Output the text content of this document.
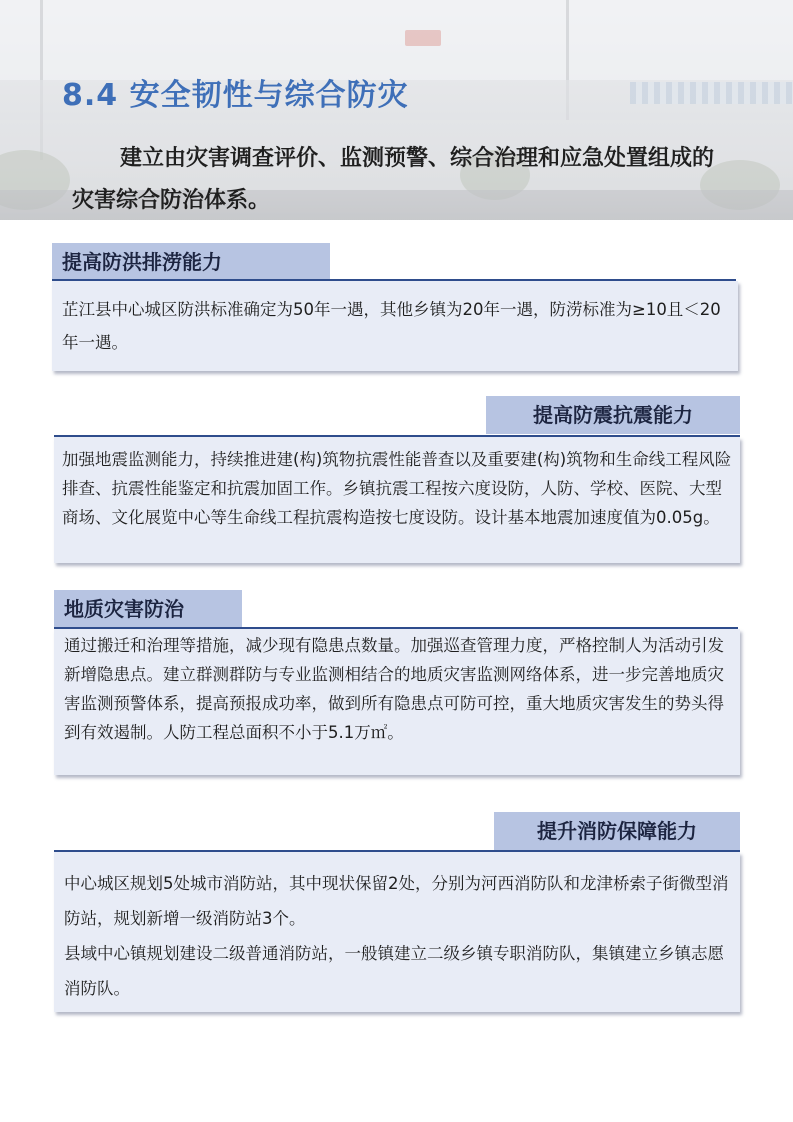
8.4 安全韧性与综合防灾

建立由灾害调查评价、监测预警、综合治理和应急处置组成的灾害综合防治体系。

提高防洪排涝能力

芷江县中心城区防洪标准确定为50年一遇，其他乡镇为20年一遇，防涝标准为≥10且＜20年一遇。

提高防震抗震能力

加强地震监测能力，持续推进建(构)筑物抗震性能普查以及重要建(构)筑物和生命线工程风险排查、抗震性能鉴定和抗震加固工作。乡镇抗震工程按六度设防，人防、学校、医院、大型商场、文化展览中心等生命线工程抗震构造按七度设防。设计基本地震加速度值为0.05g。

地质灾害防治

通过搬迁和治理等措施，减少现有隐患点数量。加强巡查管理力度，严格控制人为活动引发新增隐患点。建立群测群防与专业监测相结合的地质灾害监测网络体系，进一步完善地质灾害监测预警体系，提高预报成功率，做到所有隐患点可防可控，重大地质灾害发生的势头得到有效遏制。人防工程总面积不小于5.1万㎡。

提升消防保障能力

中心城区规划5处城市消防站，其中现状保留2处，分别为河西消防队和龙津桥索子街微型消防站，规划新增一级消防站3个。

县域中心镇规划建设二级普通消防站，一般镇建立二级乡镇专职消防队，集镇建立乡镇志愿消防队。
